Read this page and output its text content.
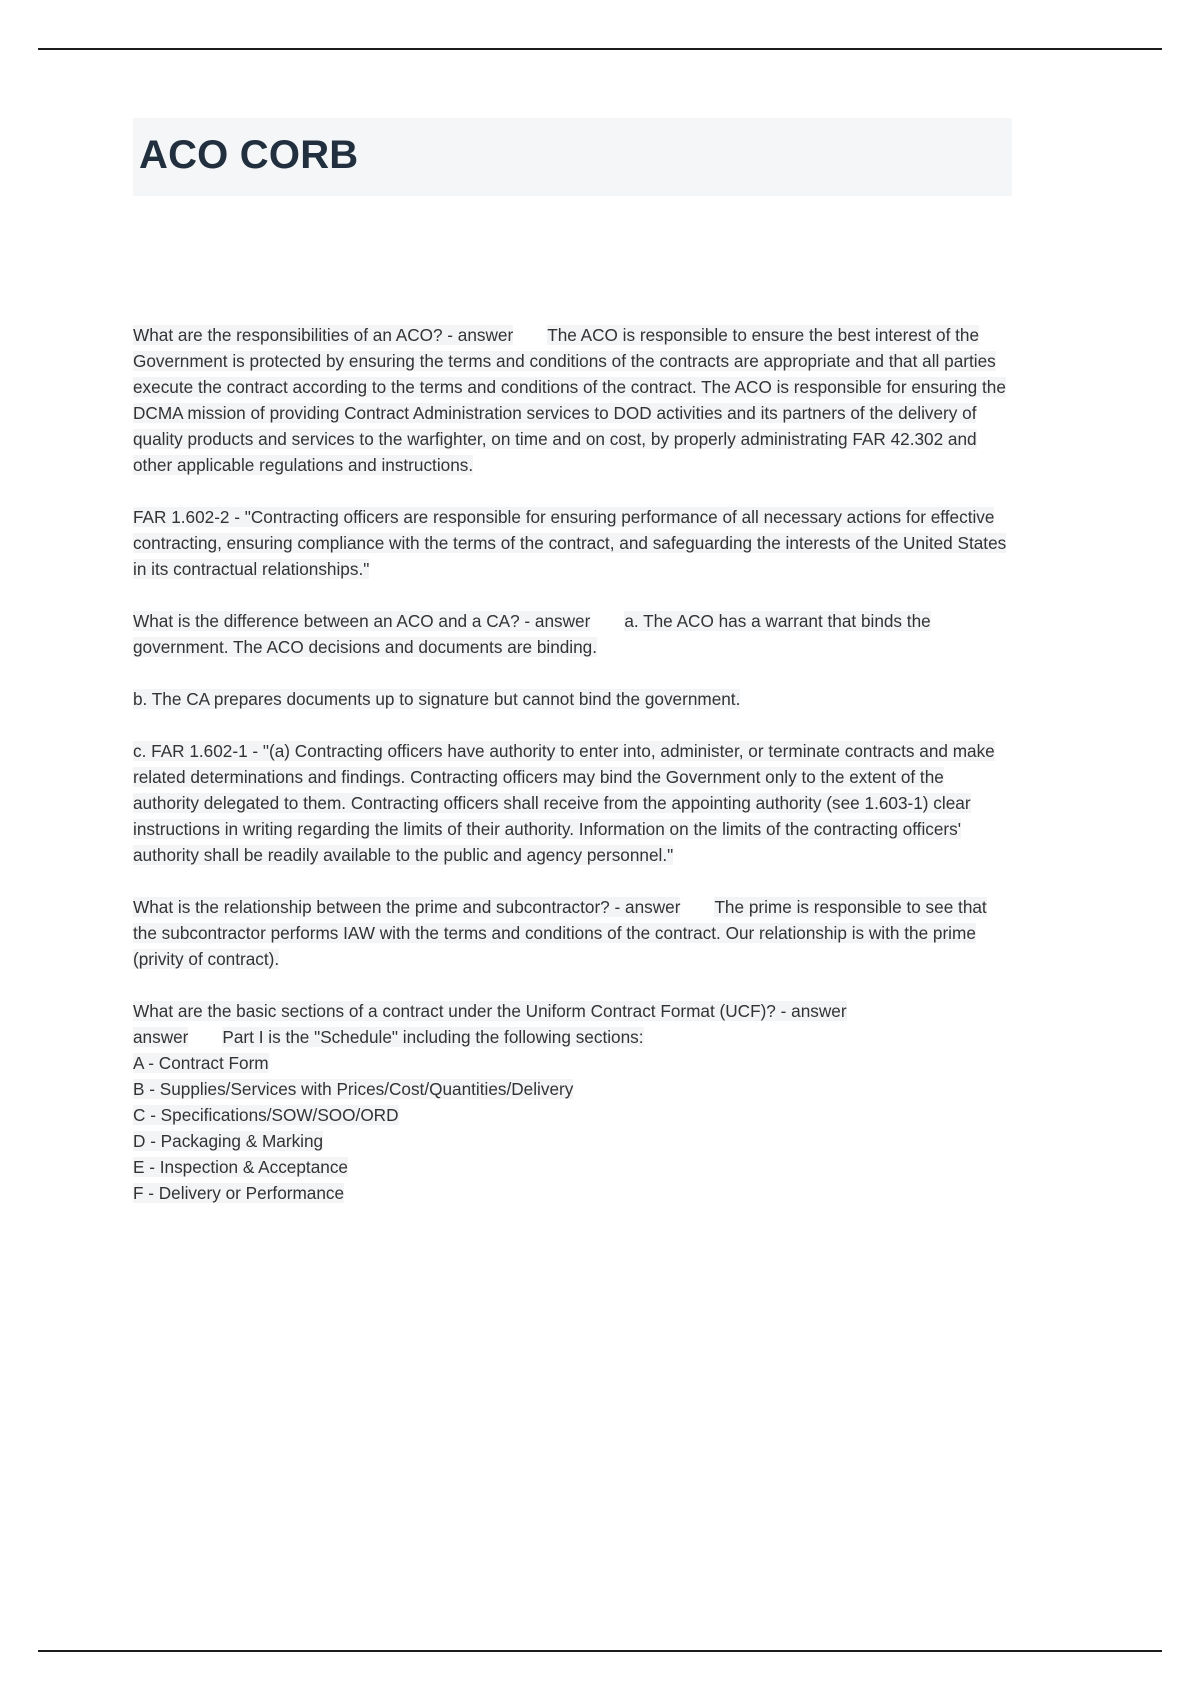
ACO CORB

What are the responsibilities of an ACO? - answer The ACO is responsible to ensure the best interest of the Government is protected by ensuring the terms and conditions of the contracts are appropriate and that all parties execute the contract according to the terms and conditions of the contract. The ACO is responsible for ensuring the DCMA mission of providing Contract Administration services to DOD activities and its partners of the delivery of quality products and services to the warfighter, on time and on cost, by properly administrating FAR 42.302 and other applicable regulations and instructions.

FAR 1.602-2 - "Contracting officers are responsible for ensuring performance of all necessary actions for effective contracting, ensuring compliance with the terms of the contract, and safeguarding the interests of the United States in its contractual relationships."

What is the difference between an ACO and a CA? - answer a. The ACO has a warrant that binds the government. The ACO decisions and documents are binding.

b. The CA prepares documents up to signature but cannot bind the government.

c. FAR 1.602-1 - "(a) Contracting officers have authority to enter into, administer, or terminate contracts and make related determinations and findings. Contracting officers may bind the Government only to the extent of the authority delegated to them. Contracting officers shall receive from the appointing authority (see 1.603-1) clear instructions in writing regarding the limits of their authority. Information on the limits of the contracting officers' authority shall be readily available to the public and agency personnel."

What is the relationship between the prime and subcontractor? - answer The prime is responsible to see that the subcontractor performs IAW with the terms and conditions of the contract. Our relationship is with the prime (privity of contract).

What are the basic sections of a contract under the Uniform Contract Format (UCF)? - answer
answer Part I is the "Schedule" including the following sections:

A - Contract Form
B - Supplies/Services with Prices/Cost/Quantities/Delivery
C - Specifications/SOW/SOO/ORD
D - Packaging & Marking
E - Inspection & Acceptance
F - Delivery or Performance
